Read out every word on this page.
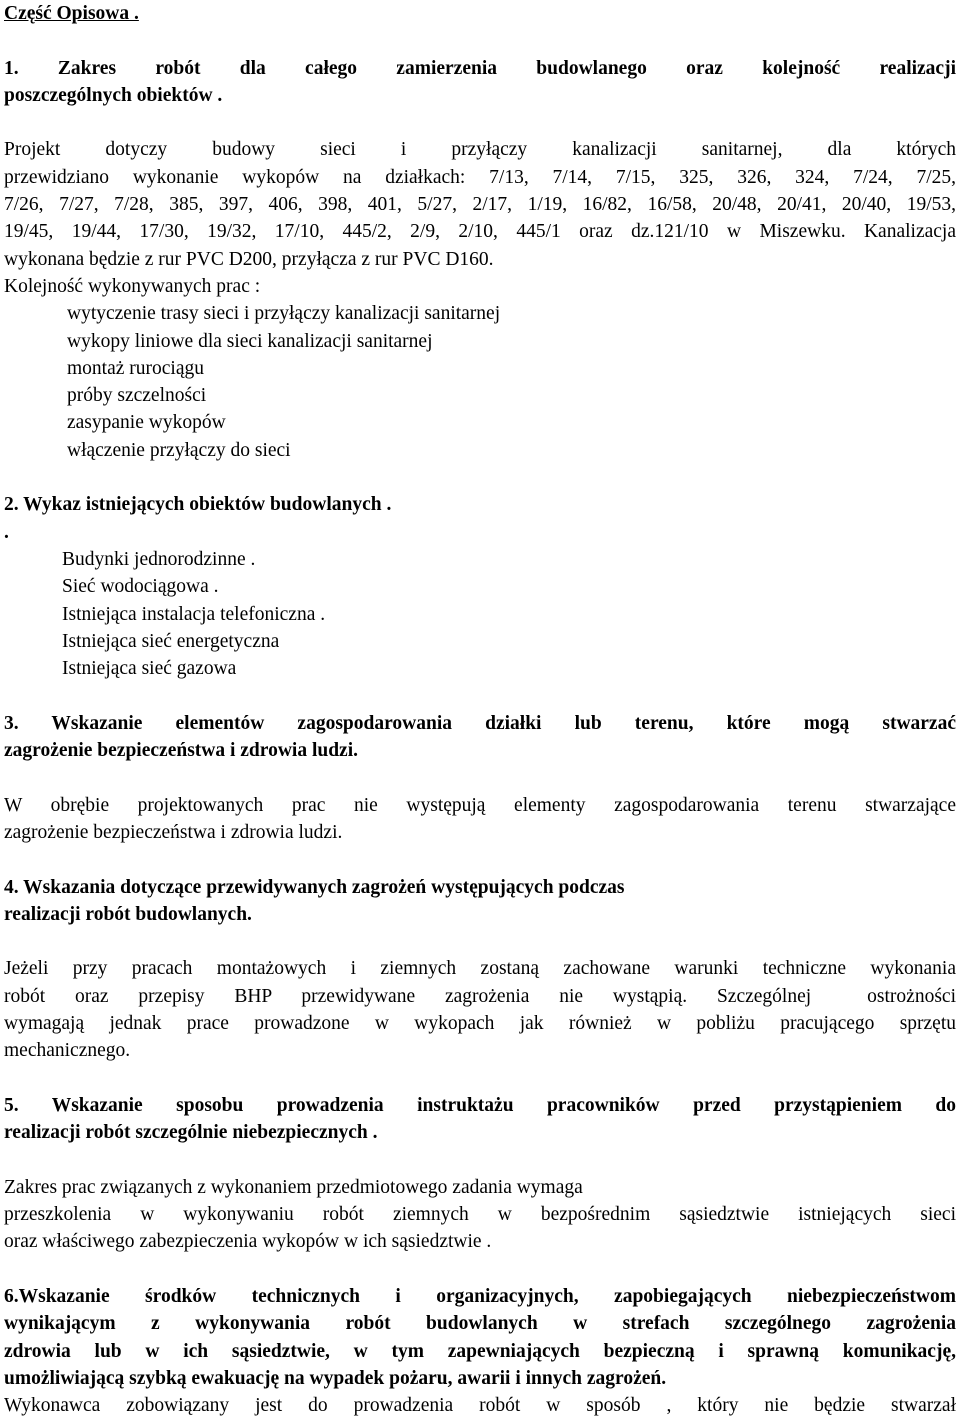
Część Opisowa .
1. Zakres robót dla całego zamierzenia budowlanego oraz kolejność realizacji
poszczególnych obiektów .
Projekt dotyczy budowy sieci i przyłączy kanalizacji sanitarnej, dla których
przewidziano wykonanie wykopów na działkach: 7/13, 7/14, 7/15, 325, 326, 324, 7/24, 7/25,
7/26, 7/27, 7/28, 385, 397, 406, 398, 401, 5/27, 2/17, 1/19, 16/82, 16/58, 20/48, 20/41, 20/40, 19/53,
19/45, 19/44, 17/30, 19/32, 17/10, 445/2, 2/9, 2/10, 445/1 oraz dz.121/10 w Miszewku. Kanalizacja
wykonana będzie z rur PVC D200, przyłącza z rur PVC D160.
Kolejność wykonywanych prac :
wytyczenie trasy sieci i przyłączy kanalizacji sanitarnej
wykopy liniowe dla sieci kanalizacji sanitarnej
montaż rurociągu
próby szczelności
zasypanie wykopów
włączenie przyłączy do sieci
2. Wykaz istniejących obiektów budowlanych .
.
Budynki jednorodzinne .
Sieć wodociągowa .
Istniejąca instalacja telefoniczna .
Istniejąca sieć energetyczna
Istniejąca sieć gazowa
3. Wskazanie elementów zagospodarowania działki lub terenu, które mogą stwarzać
zagrożenie bezpieczeństwa i zdrowia ludzi.
W obrębie projektowanych prac nie występują elementy zagospodarowania terenu stwarzające
zagrożenie bezpieczeństwa i zdrowia ludzi.
4. Wskazania dotyczące przewidywanych zagrożeń występujących podczas
realizacji robót budowlanych.
Jeżeli przy pracach montażowych i ziemnych zostaną zachowane warunki techniczne wykonania
robót oraz przepisy BHP przewidywane zagrożenia nie wystąpią. Szczególnej	ostrożności
wymagają jednak prace prowadzone w wykopach jak również w pobliżu pracującego sprzętu
mechanicznego.
5. Wskazanie sposobu prowadzenia instruktażu pracowników przed przystąpieniem do
realizacji robót szczególnie niebezpiecznych .
Zakres prac związanych z wykonaniem przedmiotowego zadania wymaga
przeszkolenia w wykonywaniu robót ziemnych w bezpośrednim sąsiedztwie istniejących sieci
oraz właściwego zabezpieczenia wykopów w ich sąsiedztwie .
6.Wskazanie środków technicznych i organizacyjnych, zapobiegających niebezpieczeństwom
wynikającym z wykonywania robót budowlanych w strefach szczególnego zagrożenia
zdrowia lub w ich sąsiedztwie, w tym zapewniających bezpieczną i sprawną komunikację,
umożliwiającą szybką ewakuację na wypadek pożaru, awarii i innych zagrożeń.
Wykonawca zobowiązany jest do prowadzenia robót w sposób , który nie będzie stwarzał
